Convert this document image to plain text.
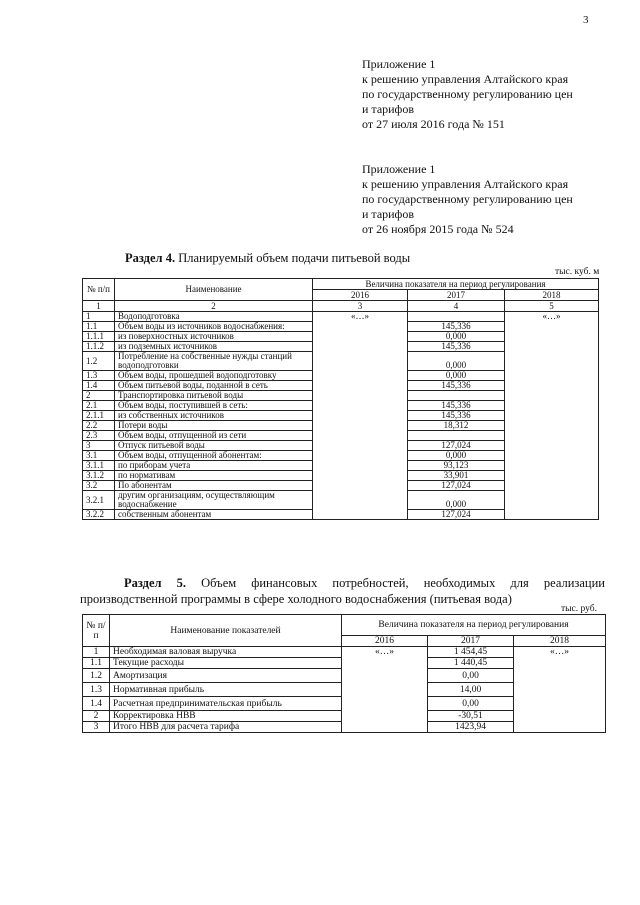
3
Приложение 1
к решению управления Алтайского края
по государственному регулированию цен
и тарифов
от 27 июля 2016 года № 151
Приложение 1
к решению управления Алтайского края
по государственному регулированию цен
и тарифов
от 26 ноября 2015 года № 524
Раздел 4. Планируемый объем подачи питьевой воды
тыс. куб. м
№ п/п	Наименование	Величина показателя на период регулирования		
		2016	2017	2018
1	2	3	4	5
1	Водоподготовка	«…»		«…»
1.1	Объем воды из источников водоснабжения:		145,336	
1.1.1	из поверхностных источников		0,000	
1.1.2	из подземных источников		145,336	
1.2	Потребление на собственные нужды станций водоподготовки		0,000	
1.3	Объем воды, прошедшей водоподготовку		0,000	
1.4	Объем питьевой воды, поданной в сеть		145,336	
2	Транспортировка питьевой воды			
2.1	Объем воды, поступившей в сеть:		145,336	
2.1.1	из собственных источников		145,336	
2.2	Потери воды		18,312	
2.3	Объем воды, отпущенной из сети			
3	Отпуск питьевой воды		127,024	
3.1	Объем воды, отпущенной абонентам:		0,000	
3.1.1	по приборам учета		93,123	
3.1.2	по нормативам		33,901	
3.2	По абонентам		127,024	
3.2.1	другим организациям, осуществляющим водоснабжение		0,000	
3.2.2	собственным абонентам		127,024	
Раздел 5. Объем финансовых потребностей, необходимых для реализации производственной программы в сфере холодного водоснабжения (питьевая вода)
тыс. руб.
№ п/п	Наименование показателей	Величина показателя на период регулирования		
		2016	2017	2018
1	Необходимая валовая выручка	«…»	1 454,45	«…»
1.1	Текущие расходы		1 440,45	
1.2	Амортизация		0,00	
1.3	Нормативная прибыль		14,00	
1.4	Расчетная предпринимательская прибыль		0,00	
2	Корректировка НВВ		-30,51	
3	Итого НВВ для расчета тарифа		1423,94	
